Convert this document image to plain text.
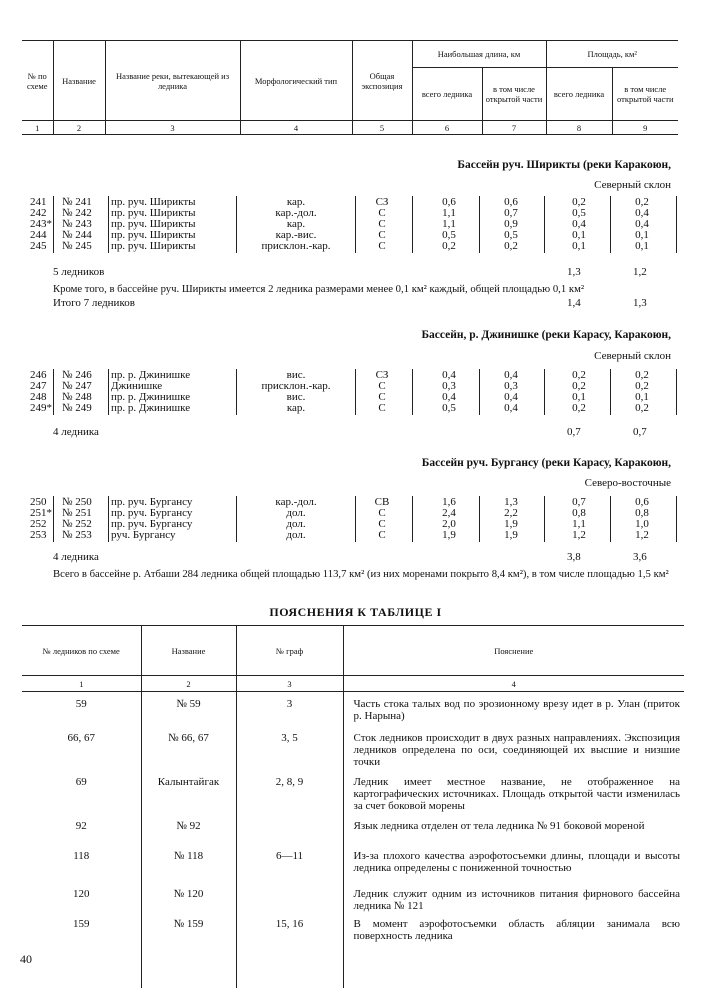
№ по схеме	Название	Название реки, вытекающей из ледника	Морфологический тип	Общая экспозиция	Наибольшая длина, км		Площадь, км²	
					всего ледника	в том числе открытой части	всего ледника	в том числе открытой части
1	2	3	4	5	6	7	8	9
Бассейн руч. Ширикты (реки Каракоюн,
Северный склон
241	№ 241	пр. руч. Ширикты	кар.	СЗ	0,6	0,6	0,2	0,2
242	№ 242	пр. руч. Ширикты	кар.-дол.	С	1,1	0,7	0,5	0,4
243* № 243	пр. руч. Ширикты	кар.	С	1,1	0,9	0,4	0,4
244	№ 244	пр. руч. Ширикты	кар.-вис.	С	0,5	0,5	0,1	0,1
245	№ 245	пр. руч. Ширикты	присклон.-кар.	С	0,2	0,2	0,1	0,1
5 ледников	1,3	1,2
Кроме того, в бассейне руч. Ширикты имеется 2 ледника размерами менее 0,1 км² каждый, общей площадью 0,1 км²
Итого 7 ледников	1,4	1,3
Бассейн, р. Джинишке (реки Карасу, Каракоюн,
Северный склон
246	№ 246	пр. р. Джинишке	вис.	СЗ	0,4	0,4	0,2	0,2
247	№ 247	Джинишке	присклон.-кар.	С	0,3	0,3	0,2	0,2
248	№ 248	пр. р. Джинишке	вис.	С	0,4	0,4	0,1	0,1
249* № 249	пр. р. Джинишке	кар.	С	0,5	0,4	0,2	0,2
4 ледника	0,7	0,7
Бассейн руч. Бургансу (реки Карасу, Каракоюн,
Северо-восточные
250	№ 250	пр. руч. Бургансу	кар.-дол.	СВ	1,6	1,3	0,7	0,6
251* № 251	пр. руч. Бургансу	дол.	С	2,4	2,2	0,8	0,8
252	№ 252	пр. руч. Бургансу	дол.	С	2,0	1,9	1,1	1,0
253	№ 253	руч. Бургансу	дол.	С	1,9	1,9	1,2	1,2
4 ледника	3,8	3,6
Всего в бассейне р. Атбаши 284 ледника общей площадью 113,7 км² (из них моренами покрыто 8,4 км²), в том числе площадью 1,5 км²
ПОЯСНЕНИЯ К ТАБЛИЦЕ I
№ ледников по схеме	Название	№ граф	Пояснение
1	2	3	4
59	№ 59	3	Часть стока талых вод по эрозионному врезу идет в р. Улан (приток р. Нарына)
66, 67	№ 66, 67	3, 5	Сток ледников происходит в двух разных направлениях. Экспозиция ледников определена по оси, соединяющей их высшие и низшие точки
69	Калынтайгак	2, 8, 9	Ледник имеет местное название, не отображенное на картографических источниках. Площадь открытой части изменилась за счет боковой морены
92	№ 92		Язык ледника отделен от тела ледника № 91 боковой мореной
118	№ 118	6—11	Из-за плохого качества аэрофотосъемки длины, площади и высоты ледника определены с пониженной точностью
120	№ 120		Ледник служит одним из источников питания фирнового бассейна ледника № 121
159	№ 159	15, 16	В момент аэрофотосъемки область абляции занимала всю поверхность ледника

40
